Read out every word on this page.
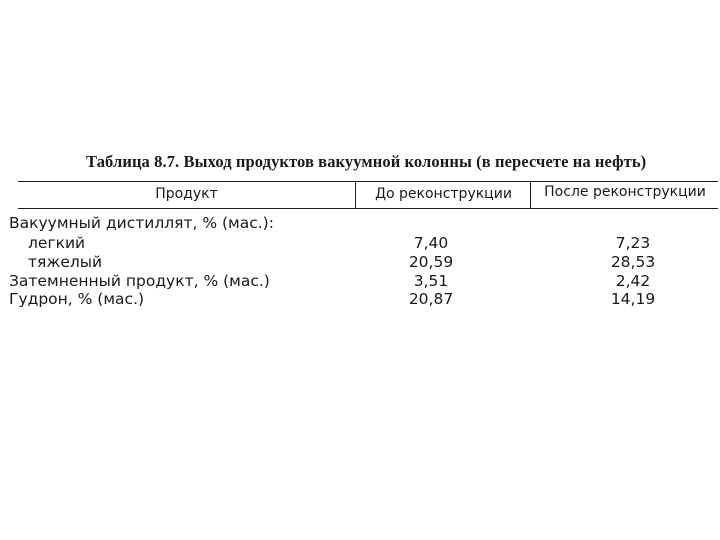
Таблица 8.7. Выход продуктов вакуумной колонны (в пересчете на нефть)
Продукт	До реконструкции	После реконструкции
Вакуумный дистиллят, % (мас.):
легкий	7,40	7,23
тяжелый	20,59	28,53
Затемненный продукт, % (мас.)	3,51	2,42
Гудрон, % (мас.)	20,87	14,19
